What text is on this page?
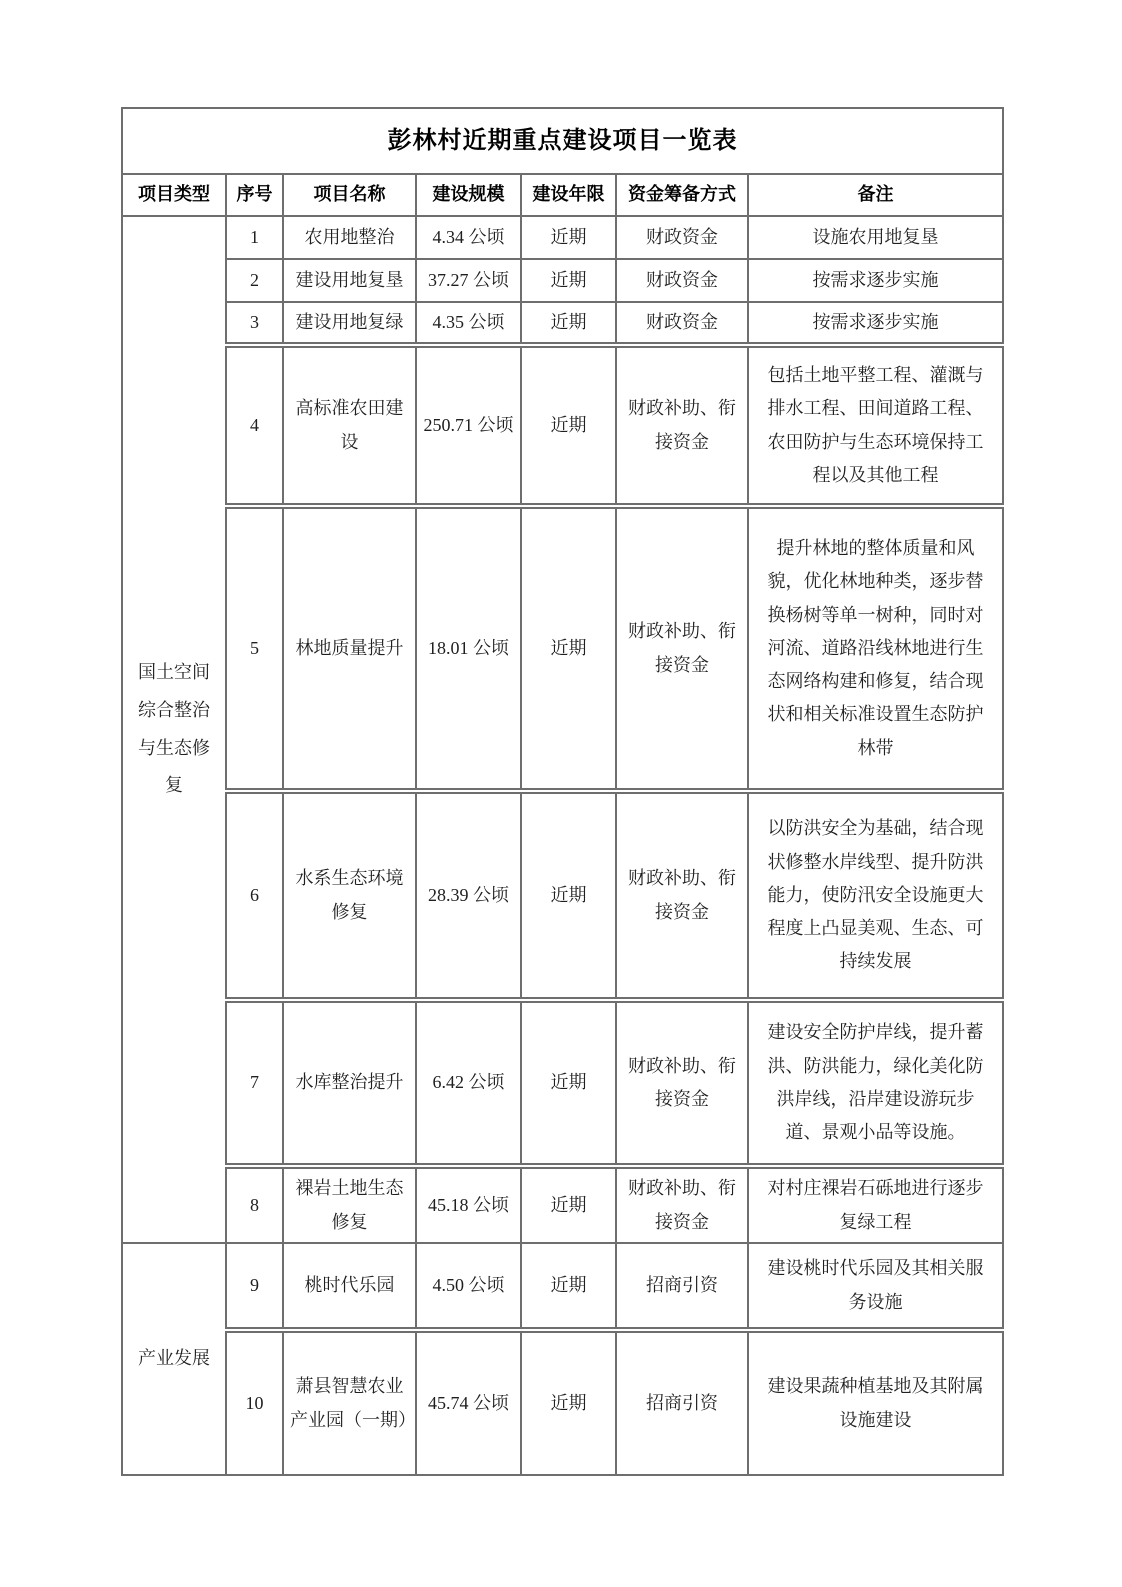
彭林村近期重点建设项目一览表						
项目类型	序号	项目名称	建设规模	建设年限	资金筹备方式	备注
国土空间综合整治与生态修复	1	农用地整治	4.34 公顷	近期	财政资金	设施农用地复垦
	2	建设用地复垦	37.27 公顷	近期	财政资金	按需求逐步实施
	3	建设用地复绿	4.35 公顷	近期	财政资金	按需求逐步实施
	4	高标准农田建设	250.71 公顷	近期	财政补助、衔接资金	包括土地平整工程、灌溉与排水工程、田间道路工程、农田防护与生态环境保持工程以及其他工程
	5	林地质量提升	18.01 公顷	近期	财政补助、衔接资金	提升林地的整体质量和风貌，优化林地种类，逐步替换杨树等单一树种，同时对河流、道路沿线林地进行生态网络构建和修复，结合现状和相关标准设置生态防护林带
	6	水系生态环境修复	28.39 公顷	近期	财政补助、衔接资金	以防洪安全为基础，结合现状修整水岸线型、提升防洪能力，使防汛安全设施更大程度上凸显美观、生态、可持续发展
	7	水库整治提升	6.42 公顷	近期	财政补助、衔接资金	建设安全防护岸线，提升蓄洪、防洪能力，绿化美化防洪岸线，沿岸建设游玩步道、景观小品等设施。
	8	裸岩土地生态修复	45.18 公顷	近期	财政补助、衔接资金	对村庄裸岩石砾地进行逐步复绿工程
产业发展	9	桃时代乐园	4.50 公顷	近期	招商引资	建设桃时代乐园及其相关服务设施
	10	萧县智慧农业产业园（一期）	45.74 公顷	近期	招商引资	建设果蔬种植基地及其附属设施建设
